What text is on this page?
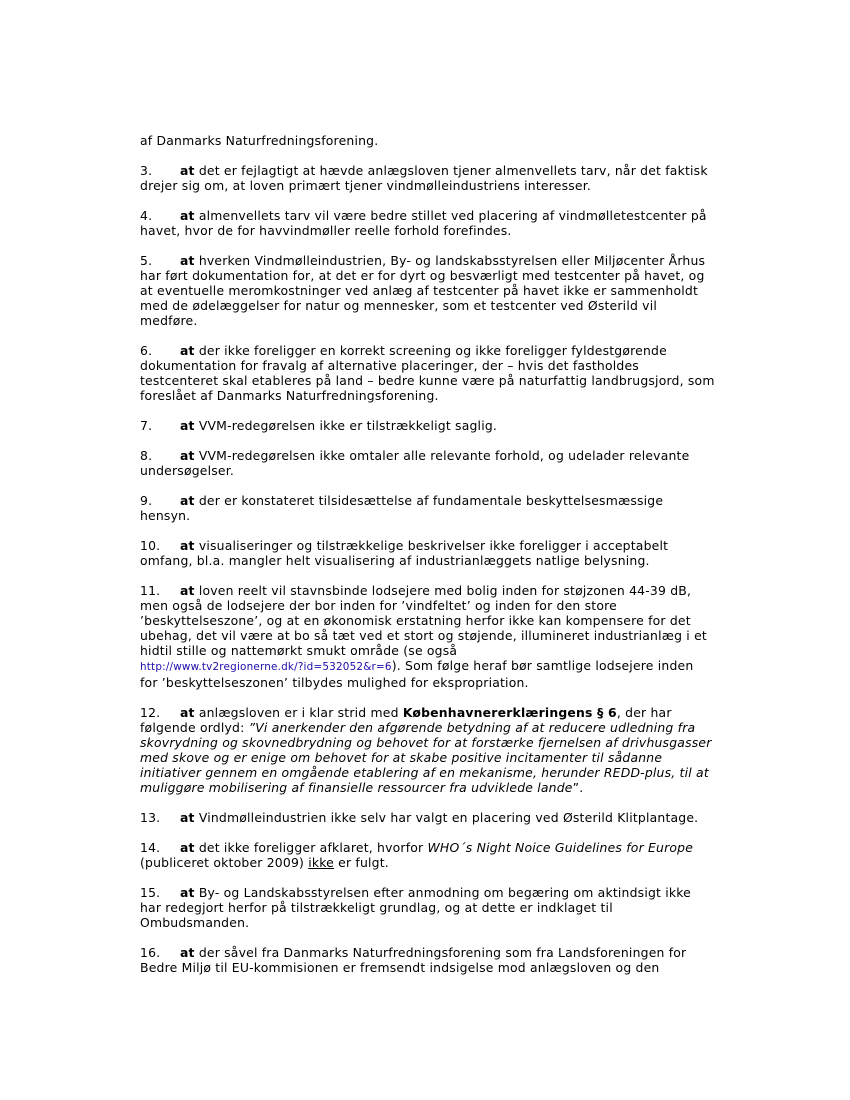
af Danmarks Naturfredningsforening.

3. at det er fejlagtigt at hævde anlægsloven tjener almenvellets tarv, når det faktisk drejer sig om, at loven primært tjener vindmølleindustriens interesser.

4. at almenvellets tarv vil være bedre stillet ved placering af vindmølletestcenter på havet, hvor de for havvindmøller reelle forhold forefindes.

5. at hverken Vindmølleindustrien, By- og landskabsstyrelsen eller Miljøcenter Århus har ført dokumentation for, at det er for dyrt og besværligt med testcenter på havet, og at eventuelle meromkostninger ved anlæg af testcenter på havet ikke er sammenholdt med de ødelæggelser for natur og mennesker, som et testcenter ved Østerild vil medføre.

6. at der ikke foreligger en korrekt screening og ikke foreligger fyldestgørende dokumentation for fravalg af alternative placeringer, der – hvis det fastholdes testcenteret skal etableres på land – bedre kunne være på naturfattig landbrugsjord, som foreslået af Danmarks Naturfredningsforening.

7. at VVM-redegørelsen ikke er tilstrækkeligt saglig.

8. at VVM-redegørelsen ikke omtaler alle relevante forhold, og udelader relevante undersøgelser.

9. at der er konstateret tilsidesættelse af fundamentale beskyttelsesmæssige hensyn.

10. at visualiseringer og tilstrækkelige beskrivelser ikke foreligger i acceptabelt omfang, bl.a. mangler helt visualisering af industrianlæggets natlige belysning.

11. at loven reelt vil stavnsbinde lodsejere med bolig inden for støjzonen 44-39 dB, men også de lodsejere der bor inden for ’vindfeltet’ og inden for den store ’beskyttelseszone’, og at en økonomisk erstatning herfor ikke kan kompensere for det ubehag, det vil være at bo så tæt ved et stort og støjende, illumineret industrianlæg i et hidtil stille og nattemørkt smukt område (se også
http://www.tv2regionerne.dk/?id=532052&r=6). Som følge heraf bør samtlige lodsejere inden for ’beskyttelseszonen’ tilbydes mulighed for ekspropriation.

12. at anlægsloven er i klar strid med Københavnererklæringens § 6, der har følgende ordlyd: ”Vi anerkender den afgørende betydning af at reducere udledning fra skovrydning og skovnedbrydning og behovet for at forstærke fjernelsen af drivhusgasser med skove og er enige om behovet for at skabe positive incitamenter til sådanne initiativer gennem en omgående etablering af en mekanisme, herunder REDD-plus, til at muliggøre mobilisering af finansielle ressourcer fra udviklede lande”.

13. at Vindmølleindustrien ikke selv har valgt en placering ved Østerild Klitplantage.

14. at det ikke foreligger afklaret, hvorfor WHO´s Night Noice Guidelines for Europe
(publiceret oktober 2009) ikke er fulgt.

15. at By- og Landskabsstyrelsen efter anmodning om begæring om aktindsigt ikke har redegjort herfor på tilstrækkeligt grundlag, og at dette er indklaget til Ombudsmanden.

16. at der såvel fra Danmarks Naturfredningsforening som fra Landsforeningen for Bedre Miljø til EU-kommisionen er fremsendt indsigelse mod anlægsloven og den
